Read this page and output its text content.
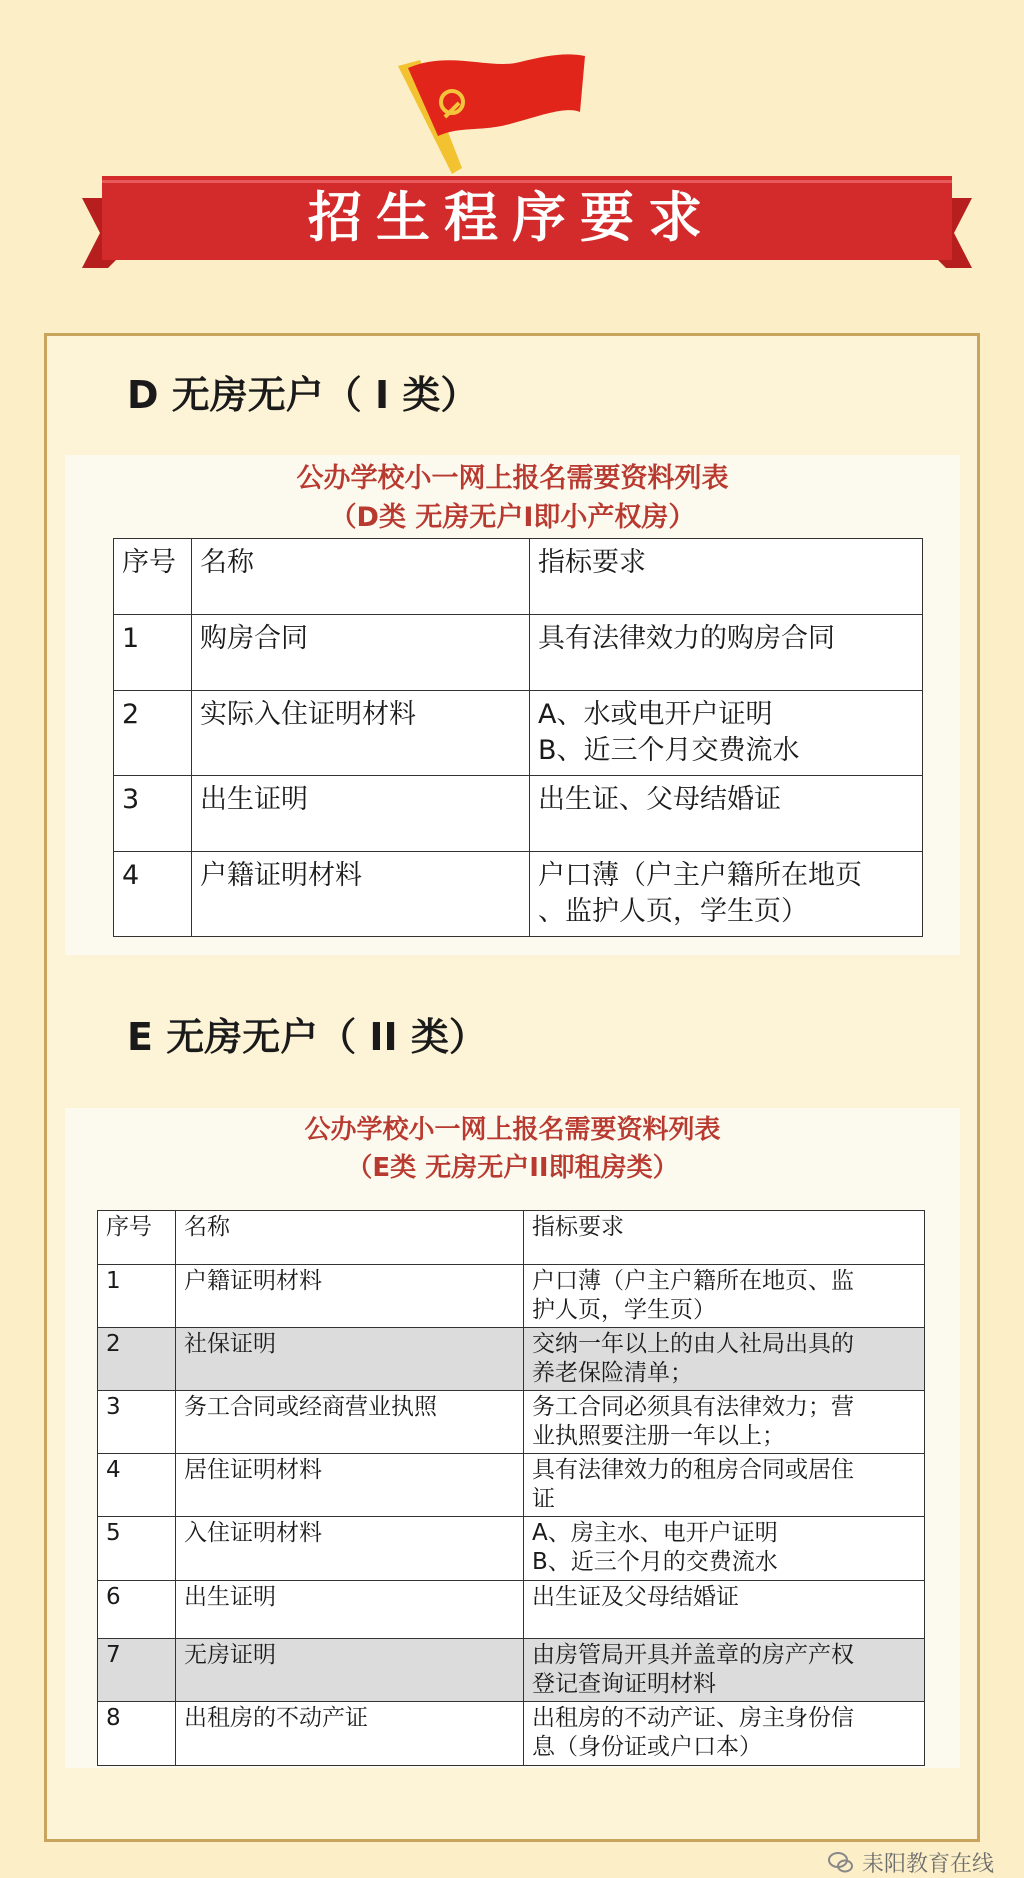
招生程序要求
D 无房无户（ I 类）
公办学校小一网上报名需要资料列表
（D类 无房无户I即小产权房）
序号	名称	指标要求
1	购房合同	具有法律效力的购房合同
2	实际入住证明材料	A、水或电开户证明
B、近三个月交费流水
3	出生证明	出生证、父母结婚证
4	户籍证明材料	户口薄（户主户籍所在地页
、监护人页，学生页）
E 无房无户（ II 类）
公办学校小一网上报名需要资料列表
（E类 无房无户II即租房类）
序号	名称	指标要求
1	户籍证明材料	户口薄（户主户籍所在地页、监
护人页，学生页）
2	社保证明	交纳一年以上的由人社局出具的
养老保险清单；
3	务工合同或经商营业执照	务工合同必须具有法律效力；营
业执照要注册一年以上；
4	居住证明材料	具有法律效力的租房合同或居住
证
5	入住证明材料	A、房主水、电开户证明
B、近三个月的交费流水
6	出生证明	出生证及父母结婚证
7	无房证明	由房管局开具并盖章的房产产权
登记查询证明材料
8	出租房的不动产证	出租房的不动产证、房主身份信
息（身份证或户口本）
耒阳教育在线
